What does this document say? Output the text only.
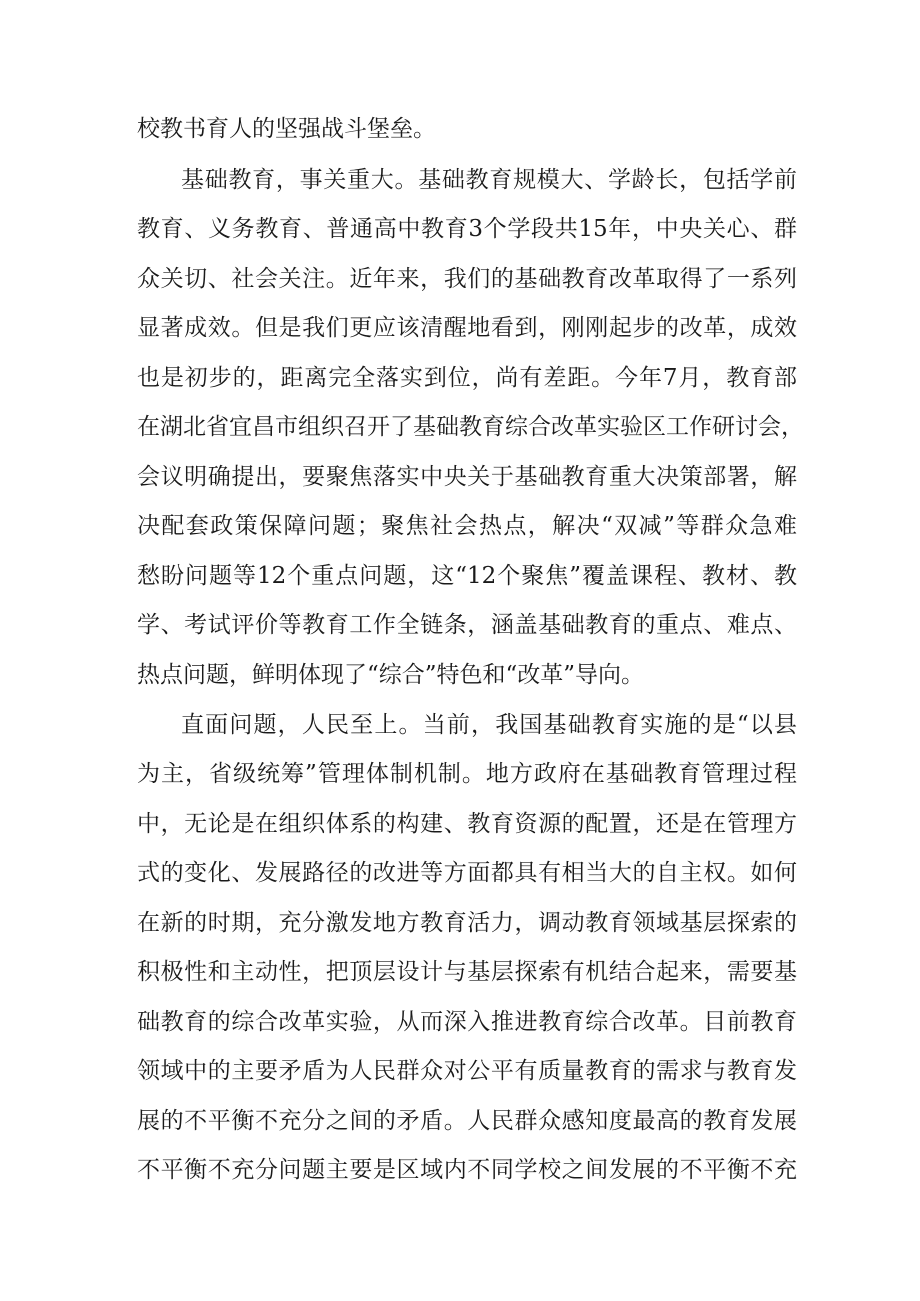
校教书育人的坚强战斗堡垒。
基础教育，事关重大。基础教育规模大、学龄长，包括学前
教育、义务教育、普通高中教育3个学段共15年，中央关心、群
众关切、社会关注。近年来，我们的基础教育改革取得了一系列
显著成效。但是我们更应该清醒地看到，刚刚起步的改革，成效
也是初步的，距离完全落实到位，尚有差距。今年7月，教育部
在湖北省宜昌市组织召开了基础教育综合改革实验区工作研讨会，
会议明确提出，要聚焦落实中央关于基础教育重大决策部署，解
决配套政策保障问题；聚焦社会热点，解决“双减”等群众急难
愁盼问题等12个重点问题，这“12个聚焦”覆盖课程、教材、教
学、考试评价等教育工作全链条，涵盖基础教育的重点、难点、
热点问题，鲜明体现了“综合”特色和“改革”导向。
直面问题，人民至上。当前，我国基础教育实施的是“以县
为主，省级统筹”管理体制机制。地方政府在基础教育管理过程
中，无论是在组织体系的构建、教育资源的配置，还是在管理方
式的变化、发展路径的改进等方面都具有相当大的自主权。如何
在新的时期，充分激发地方教育活力，调动教育领域基层探索的
积极性和主动性，把顶层设计与基层探索有机结合起来，需要基
础教育的综合改革实验，从而深入推进教育综合改革。目前教育
领域中的主要矛盾为人民群众对公平有质量教育的需求与教育发
展的不平衡不充分之间的矛盾。人民群众感知度最高的教育发展
不平衡不充分问题主要是区域内不同学校之间发展的不平衡不充
